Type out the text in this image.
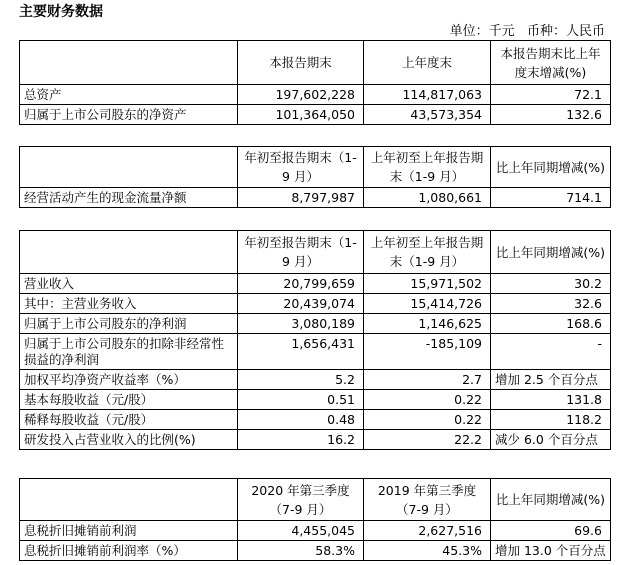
主要财务数据
单位：千元   币种：人民币
	本报告期末	上年度末	本报告期末比上年度末增减(%)
总资产	197,602,228	114,817,063	72.1
归属于上市公司股东的净资产	101,364,050	43,573,354	132.6
	年初至报告期末（1-9 月）	上年初至上年报告期末（1-9 月）	比上年同期增减(%)
经营活动产生的现金流量净额	8,797,987	1,080,661	714.1
	年初至报告期末（1-9 月）	上年初至上年报告期末（1-9 月）	比上年同期增减(%)
营业收入	20,799,659	15,971,502	30.2
其中：主营业务收入	20,439,074	15,414,726	32.6
归属于上市公司股东的净利润	3,080,189	1,146,625	168.6
归属于上市公司股东的扣除非经常性损益的净利润	1,656,431	-185,109	-
加权平均净资产收益率（%）	5.2	2.7	增加 2.5 个百分点
基本每股收益（元/股）	0.51	0.22	131.8
稀释每股收益（元/股）	0.48	0.22	118.2
研发投入占营业收入的比例(%)	16.2	22.2	减少 6.0 个百分点
	2020 年第三季度（7-9 月）	2019 年第三季度（7-9 月）	比上年同期增减(%)
息税折旧摊销前利润	4,455,045	2,627,516	69.6
息税折旧摊销前利润率（%）	58.3%	45.3%	增加 13.0 个百分点
